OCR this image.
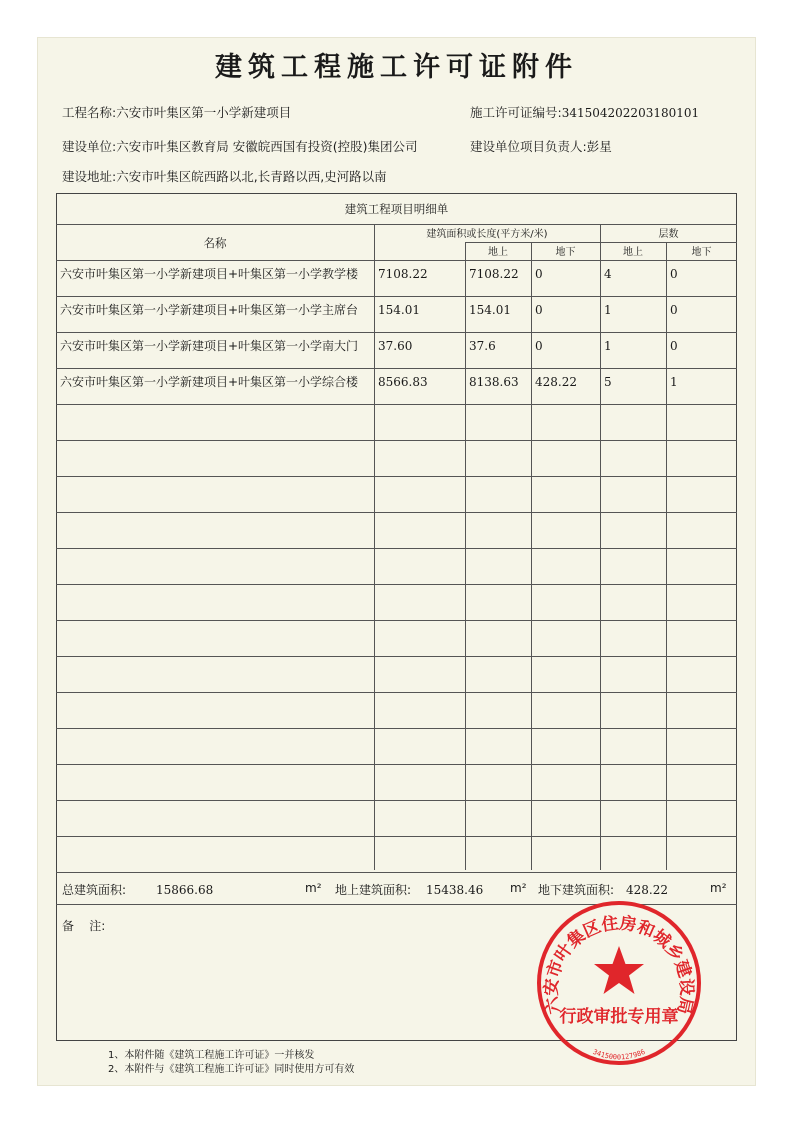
建筑工程施工许可证附件
工程名称:六安市叶集区第一小学新建项目	施工许可证编号:341504202203180101
建设单位:六安市叶集区教育局 安徽皖西国有投资(控股)集团公司	建设单位项目负责人:彭星
建设地址:六安市叶集区皖西路以北,长青路以西,史河路以南
建筑工程项目明细单
名称
建筑面积或长度(平方米/米)	层数
地上	地下	地上	地下
六安市叶集区第一小学新建项目+叶集区第一小学教学楼	7108.22	7108.22	0	4	0
六安市叶集区第一小学新建项目+叶集区第一小学主席台	154.01	154.01	0	1	0
六安市叶集区第一小学新建项目+叶集区第一小学南大门	37.60	37.6	0	1	0
六安市叶集区第一小学新建项目+叶集区第一小学综合楼	8566.83	8138.63	428.22	5	1
总建筑面积: 15866.68	m² 地上建筑面积: 15438.46 m² 地下建筑面积: 428.22	m²
备    注:
1、本附件随《建筑工程施工许可证》一并核发
2、本附件与《建筑工程施工许可证》同时使用方可有效
六安市叶集区住房和城乡建设局
行政审批专用章
3415000127986
